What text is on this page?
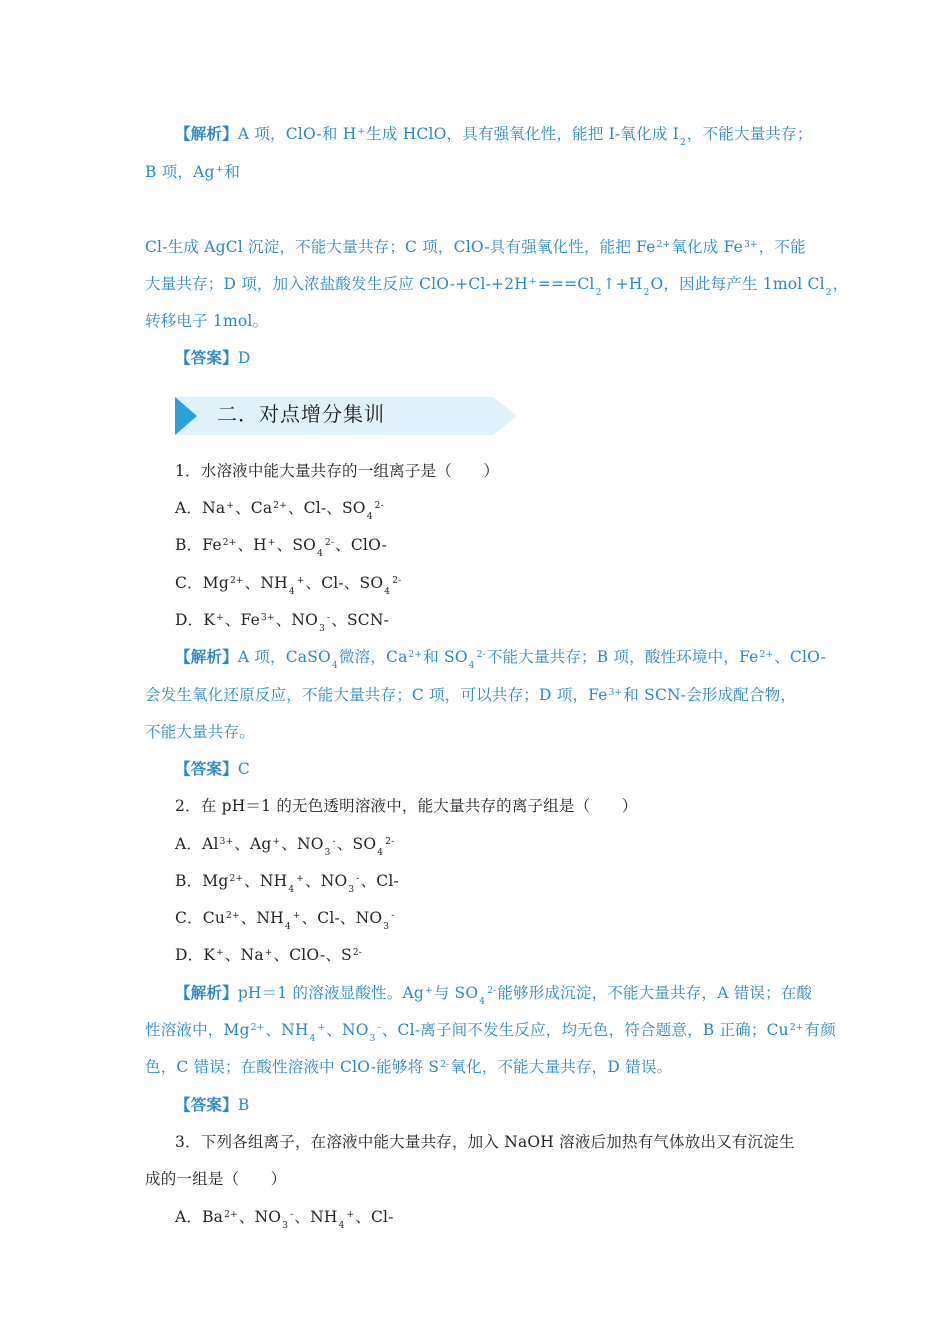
【解析】A 项，ClO-和 H+生成 HClO，具有强氧化性，能把 I-氧化成 $I_2$，不能大量共存；

B 项，Ag+和

Cl-生成 AgCl 沉淀，不能大量共存；C 项，ClO-具有强氧化性，能把 $Fe^{2+}$氧化成 $Fe^{3+}$，不能

大量共存；D 项，加入浓盐酸发生反应 ClO-$+Cl-+2H^+===Cl_2↑+H_2O$，因此每产生 1mol $Cl_2$，

转移电子 1mol。

【答案】D

二．对点增分集训

1．水溶液中能大量共存的一组离子是（　　）

A．Na+、$Ca^{2+}$、Cl-、$SO_4^{2-}$

B．$Fe^{2+}$、H+、$SO_4^{2-}$、ClO-

C．$Mg^{2+}$、$NH_4^+$、Cl-、$SO_4^{2-}$

D．K+、$Fe^{3+}$、$NO_3^-$、SCN-

【解析】A 项，CaSO$_4$微溶，$Ca^{2+}$和 $SO_4^{2-}$不能大量共存；B 项，酸性环境中，$Fe^{2+}$、ClO-

会发生氧化还原反应，不能大量共存；C 项，可以共存；D 项，$Fe^{3+}$和 SCN-会形成配合物，

不能大量共存。

【答案】C

2．在 pH＝1 的无色透明溶液中，能大量共存的离子组是（　　）

A．$Al^{3+}$、Ag+、$NO_3^-$、$SO_4^{2-}$

B．$Mg^{2+}$、$NH_4^+$、$NO_3^-$、Cl-

C．$Cu^{2+}$、$NH_4^+$、Cl-、$NO_3^-$

D．K+、Na+、ClO-、$S^{2-}$

【解析】pH＝1 的溶液显酸性。Ag+与 $SO_4^{2-}$能够形成沉淀，不能大量共存，A 错误；在酸

性溶液中，$Mg^{2+}$、$NH_4^+$、$NO_3^-$、Cl-离子间不发生反应，均无色，符合题意，B 正确；$Cu^{2+}$有颜

色，C 错误；在酸性溶液中 ClO-能够将 $S^{2-}$氧化，不能大量共存，D 错误。

【答案】B

3．下列各组离子，在溶液中能大量共存，加入 NaOH 溶液后加热有气体放出又有沉淀生

成的一组是（　　）

A．$Ba^{2+}$、$NO_3^-$、$NH_4^+$、Cl-
